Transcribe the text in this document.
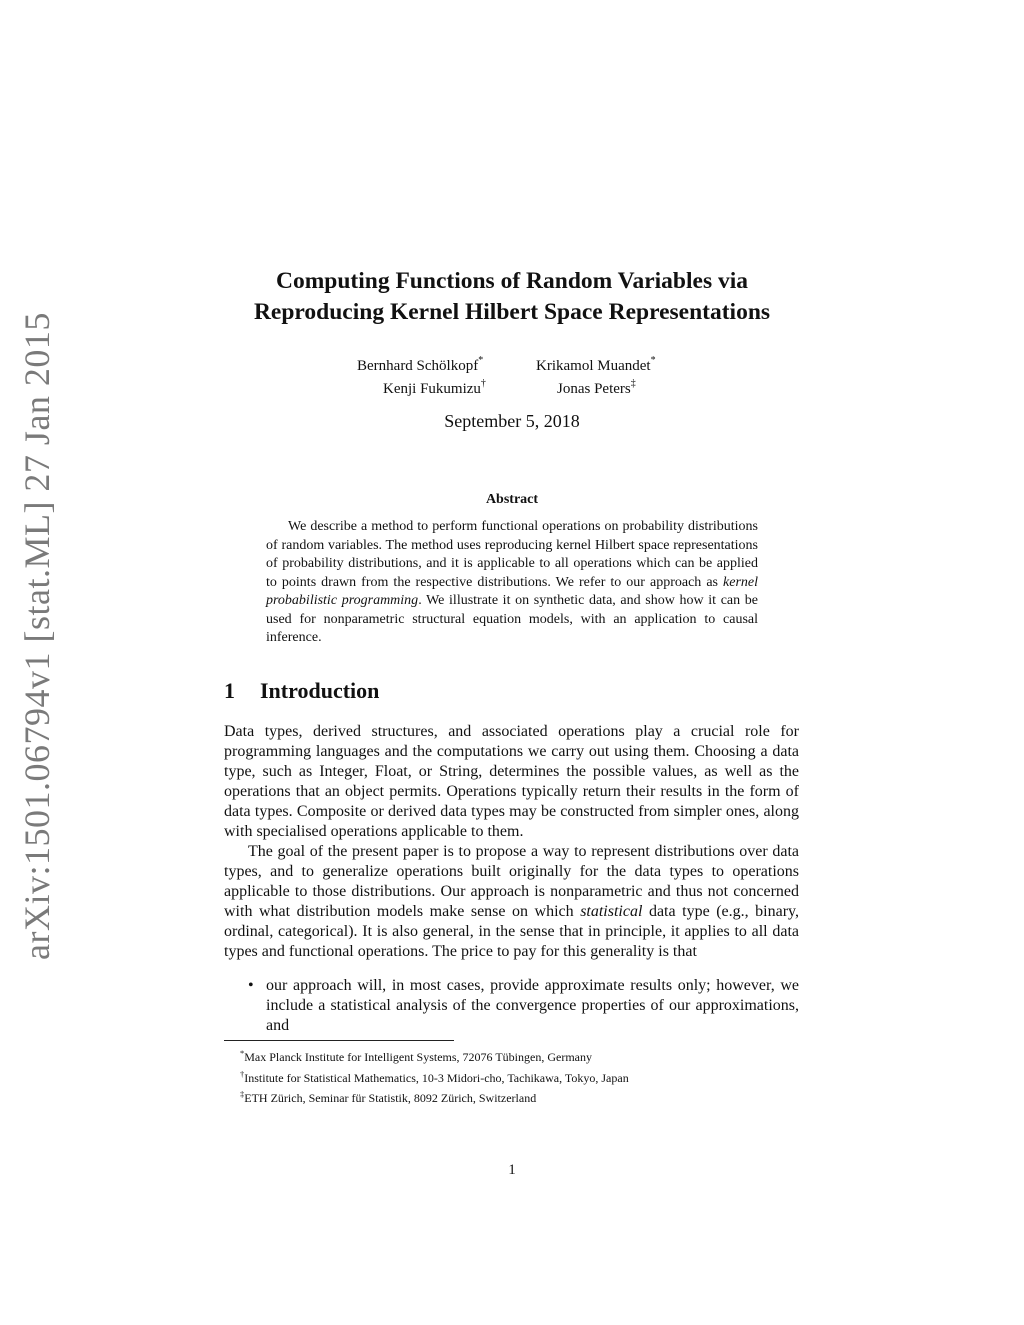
arXiv:1501.06794v1 [stat.ML] 27 Jan 2015
Computing Functions of Random Variables via
Reproducing Kernel Hilbert Space Representations
Bernhard Schölkopf*	Krikamol Muandet*
Kenji Fukumizu†	Jonas Peters‡
September 5, 2018
Abstract

We describe a method to perform functional operations on probability distributions of random variables. The method uses reproducing kernel Hilbert space representations of probability distributions, and it is applicable to all operations which can be applied to points drawn from the respective distributions. We refer to our approach as kernel probabilistic programming. We illustrate it on synthetic data, and show how it can be used for nonparametric structural equation models, with an application to causal inference.

1 Introduction

Data types, derived structures, and associated operations play a crucial role for programming languages and the computations we carry out using them. Choosing a data type, such as Integer, Float, or String, determines the possible values, as well as the operations that an object permits. Operations typically return their results in the form of data types. Composite or derived data types may be constructed from simpler ones, along with specialised operations applicable to them.

The goal of the present paper is to propose a way to represent distributions over data types, and to generalize operations built originally for the data types to operations applicable to those distributions. Our approach is nonparametric and thus not concerned with what distribution models make sense on which statistical data type (e.g., binary, ordinal, categorical). It is also general, in the sense that in principle, it applies to all data types and functional operations. The price to pay for this generality is that

• our approach will, in most cases, provide approximate results only; however, we include a statistical analysis of the convergence properties of our approximations, and

*Max Planck Institute for Intelligent Systems, 72076 Tübingen, Germany
†Institute for Statistical Mathematics, 10-3 Midori-cho, Tachikawa, Tokyo, Japan
‡ETH Zürich, Seminar für Statistik, 8092 Zürich, Switzerland
1
